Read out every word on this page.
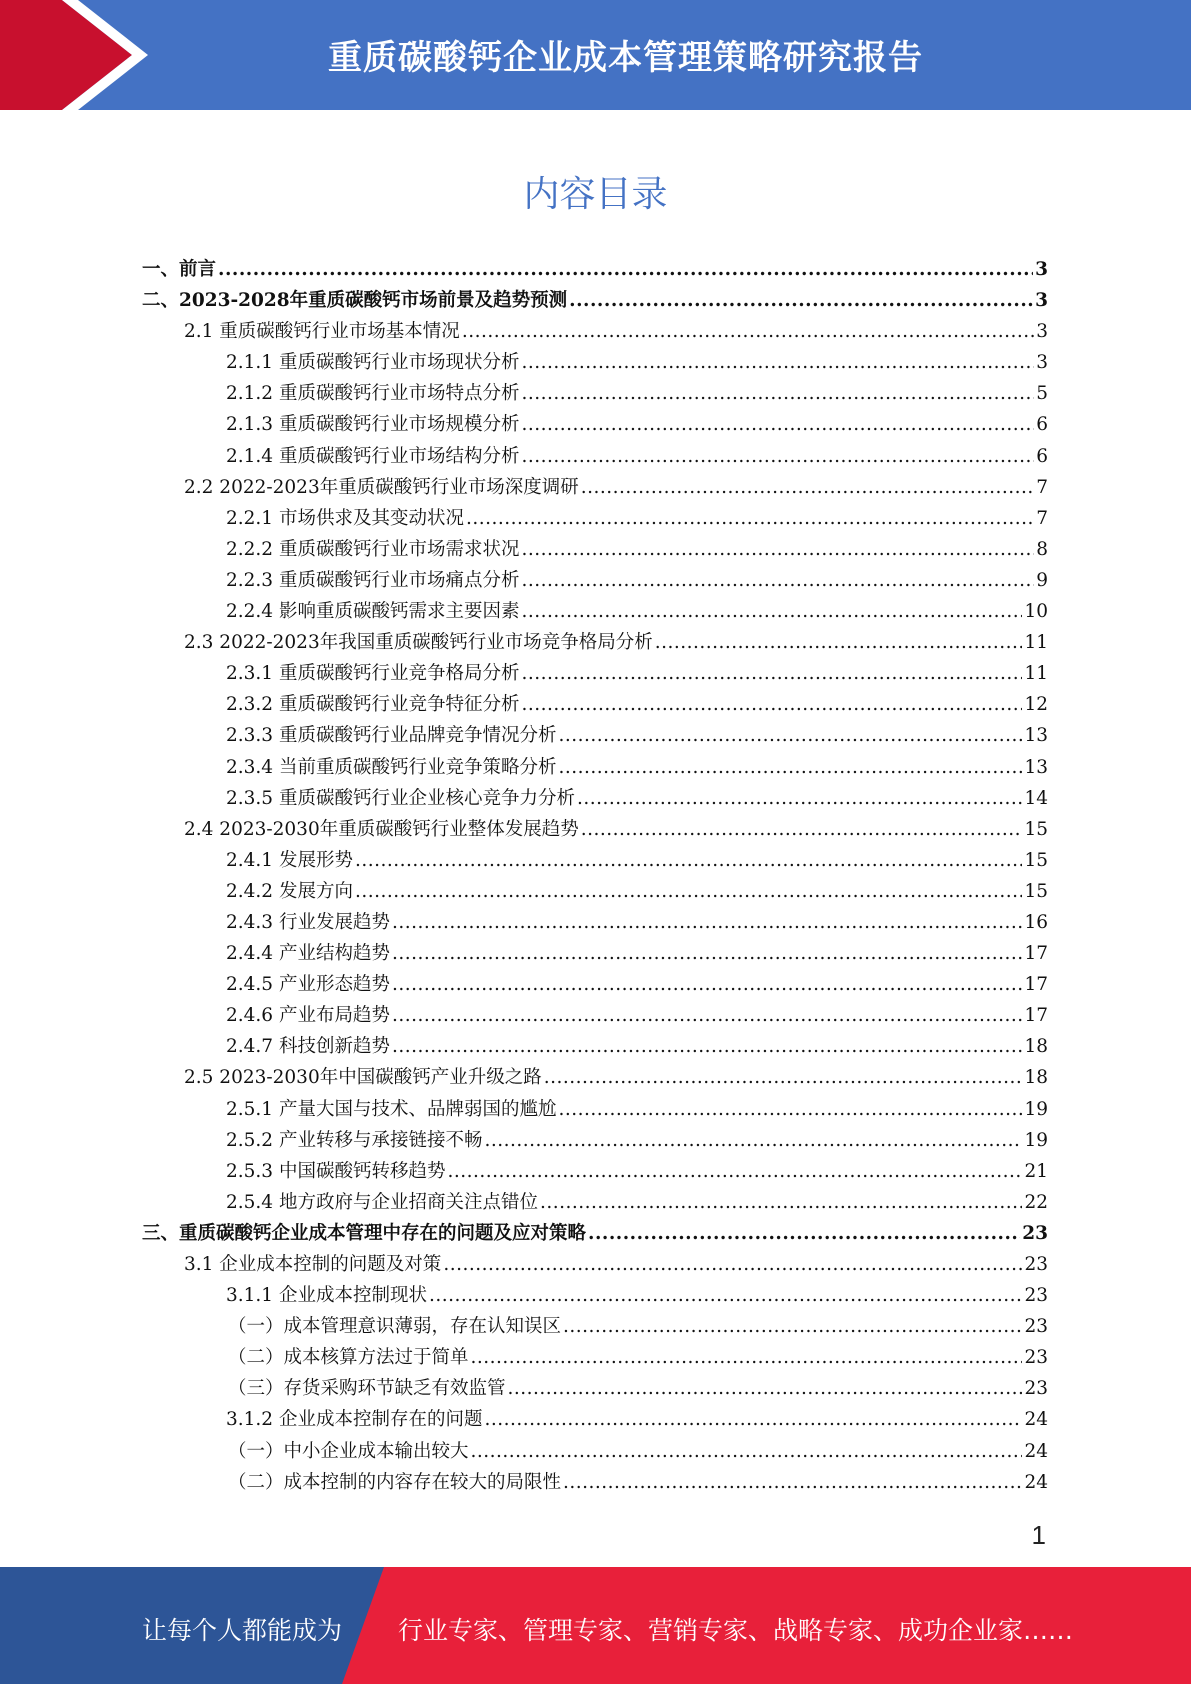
重质碳酸钙企业成本管理策略研究报告
内容目录
一、前言 .....	3
二、2023-2028年重质碳酸钙市场前景及趋势预测 .....	3
2.1 重质碳酸钙行业市场基本情况 .....	3
2.1.1 重质碳酸钙行业市场现状分析 .....	3
2.1.2 重质碳酸钙行业市场特点分析 .....	5
2.1.3 重质碳酸钙行业市场规模分析 .....	6
2.1.4 重质碳酸钙行业市场结构分析 .....	6
2.2 2022-2023年重质碳酸钙行业市场深度调研 .....	7
2.2.1 市场供求及其变动状况 .....	7
2.2.2 重质碳酸钙行业市场需求状况 .....	8
2.2.3 重质碳酸钙行业市场痛点分析 .....	9
2.2.4 影响重质碳酸钙需求主要因素 .....	10
2.3 2022-2023年我国重质碳酸钙行业市场竞争格局分析 .....	11
2.3.1 重质碳酸钙行业竞争格局分析 .....	11
2.3.2 重质碳酸钙行业竞争特征分析 .....	12
2.3.3 重质碳酸钙行业品牌竞争情况分析 .....	13
2.3.4 当前重质碳酸钙行业竞争策略分析 .....	13
2.3.5 重质碳酸钙行业企业核心竞争力分析 .....	14
2.4 2023-2030年重质碳酸钙行业整体发展趋势 .....	15
2.4.1 发展形势 .....	15
2.4.2 发展方向 .....	15
2.4.3 行业发展趋势 .....	16
2.4.4 产业结构趋势 .....	17
2.4.5 产业形态趋势 .....	17
2.4.6 产业布局趋势 .....	17
2.4.7 科技创新趋势 .....	18
2.5 2023-2030年中国碳酸钙产业升级之路 .....	18
2.5.1 产量大国与技术、品牌弱国的尴尬 .....	19
2.5.2 产业转移与承接链接不畅 .....	19
2.5.3 中国碳酸钙转移趋势 .....	21
2.5.4 地方政府与企业招商关注点错位 .....	22
三、重质碳酸钙企业成本管理中存在的问题及应对策略 .....	23
3.1 企业成本控制的问题及对策 .....	23
3.1.1 企业成本控制现状 .....	23
（一）成本管理意识薄弱，存在认知误区 .....	23
（二）成本核算方法过于简单 .....	23
（三）存货采购环节缺乏有效监管 .....	23
3.1.2 企业成本控制存在的问题 .....	24
（一）中小企业成本输出较大 .....	24
（二）成本控制的内容存在较大的局限性 .....	24
1
让每个人都能成为 行业专家、管理专家、营销专家、战略专家、成功企业家……
